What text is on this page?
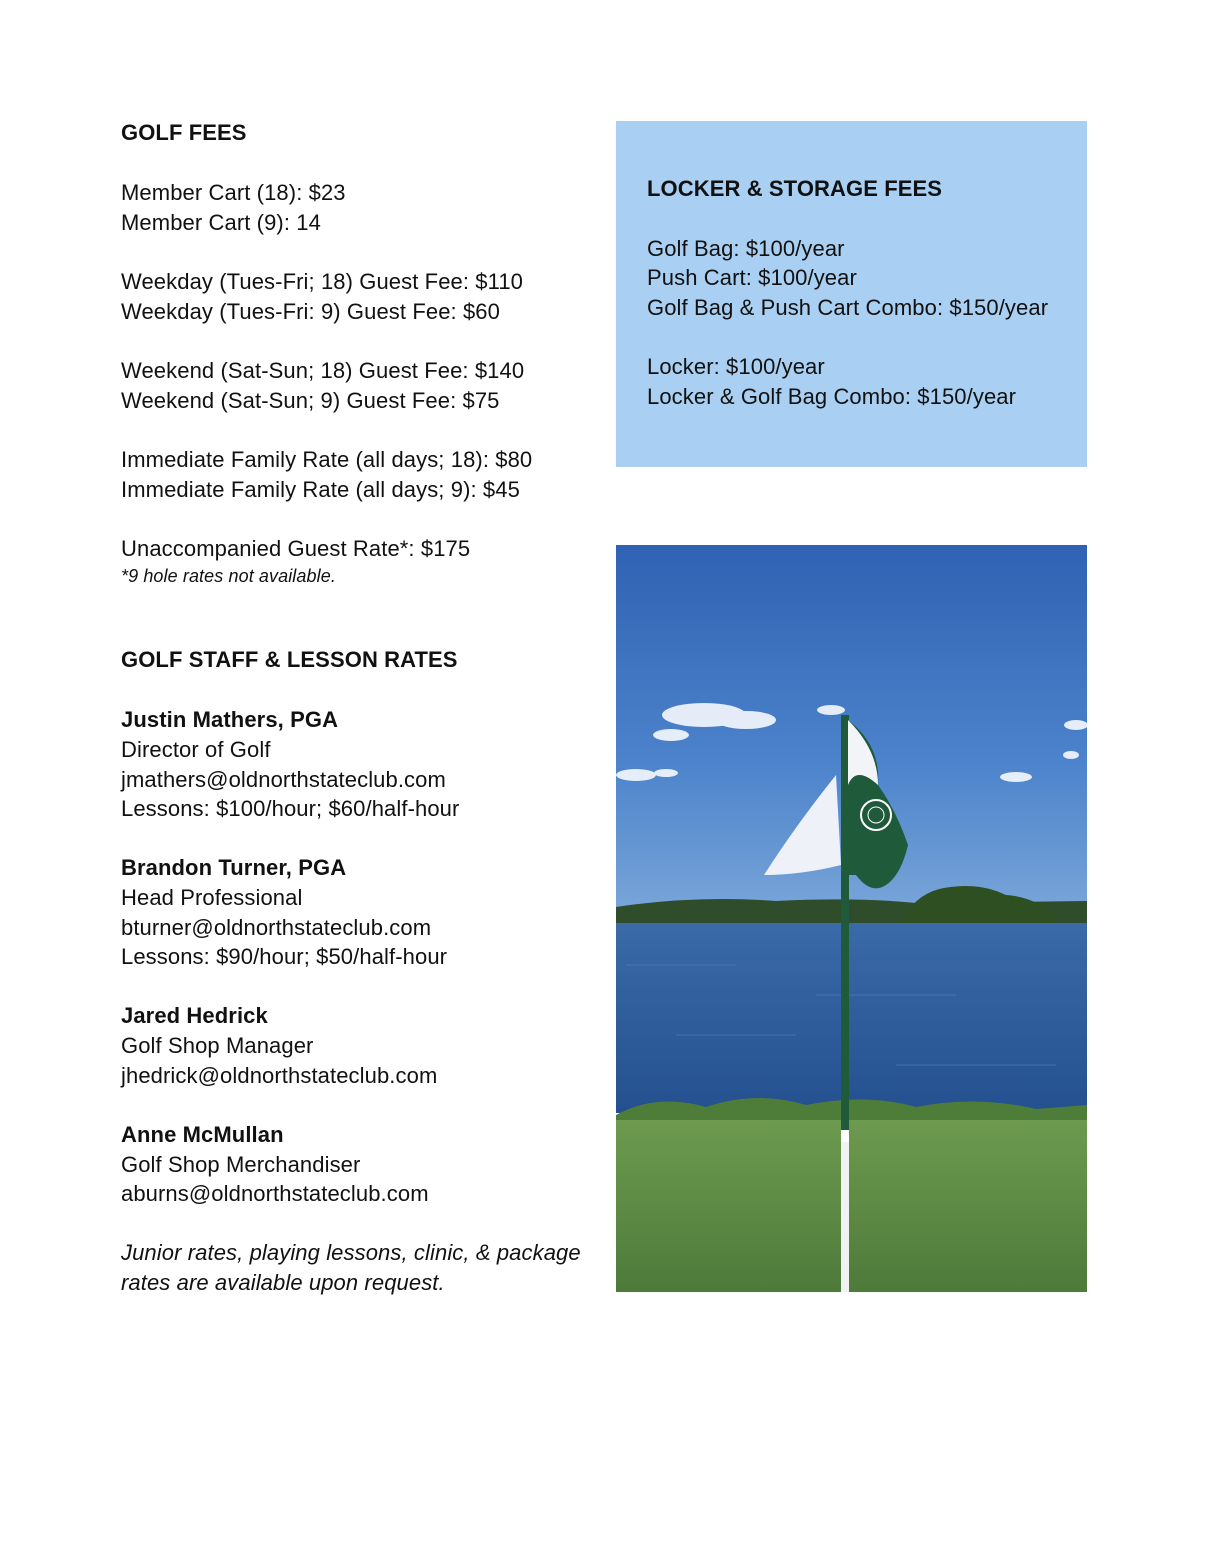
GOLF FEES
Member Cart (18): $23
Member Cart (9): 14
Weekday (Tues-Fri; 18) Guest Fee: $110
Weekday (Tues-Fri: 9) Guest Fee: $60
Weekend (Sat-Sun; 18) Guest Fee: $140
Weekend (Sat-Sun; 9) Guest Fee: $75
Immediate Family Rate (all days; 18): $80
Immediate Family Rate (all days; 9): $45
Unaccompanied Guest Rate*: $175
*9 hole rates not available.
GOLF STAFF & LESSON RATES
Justin Mathers, PGA
Director of Golf
jmathers@oldnorthstateclub.com
Lessons: $100/hour; $60/half-hour
Brandon Turner, PGA
Head Professional
bturner@oldnorthstateclub.com
Lessons: $90/hour; $50/half-hour
Jared Hedrick
Golf Shop Manager
jhedrick@oldnorthstateclub.com
Anne McMullan
Golf Shop Merchandiser
aburns@oldnorthstateclub.com
Junior rates, playing lessons, clinic, & package
rates are available upon request.
LOCKER & STORAGE FEES
Golf Bag: $100/year
Push Cart: $100/year
Golf Bag & Push Cart Combo: $150/year
Locker: $100/year
Locker & Golf Bag Combo: $150/year
